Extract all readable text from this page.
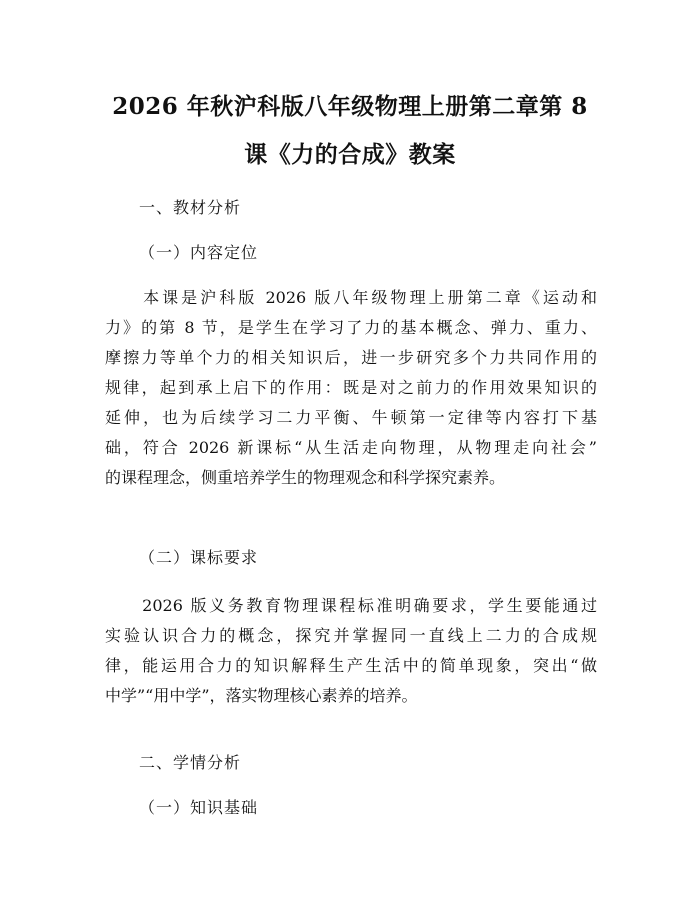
2026 年秋沪科版八年级物理上册第二章第 8
课《力的合成》教案
一、教材分析
（一）内容定位
　　本课是沪科版 2026 版八年级物理上册第二章《运动和
力》的第 8 节，是学生在学习了力的基本概念、弹力、重力、
摩擦力等单个力的相关知识后，进一步研究多个力共同作用的
规律，起到承上启下的作用：既是对之前力的作用效果知识的
延伸，也为后续学习二力平衡、牛顿第一定律等内容打下基
础，符合 2026 新课标“从生活走向物理，从物理走向社会”
的课程理念，侧重培养学生的物理观念和科学探究素养。
（二）课标要求
　　2026 版义务教育物理课程标准明确要求，学生要能通过
实验认识合力的概念，探究并掌握同一直线上二力的合成规
律，能运用合力的知识解释生产生活中的简单现象，突出“做
中学”“用中学”，落实物理核心素养的培养。
二、学情分析
（一）知识基础
